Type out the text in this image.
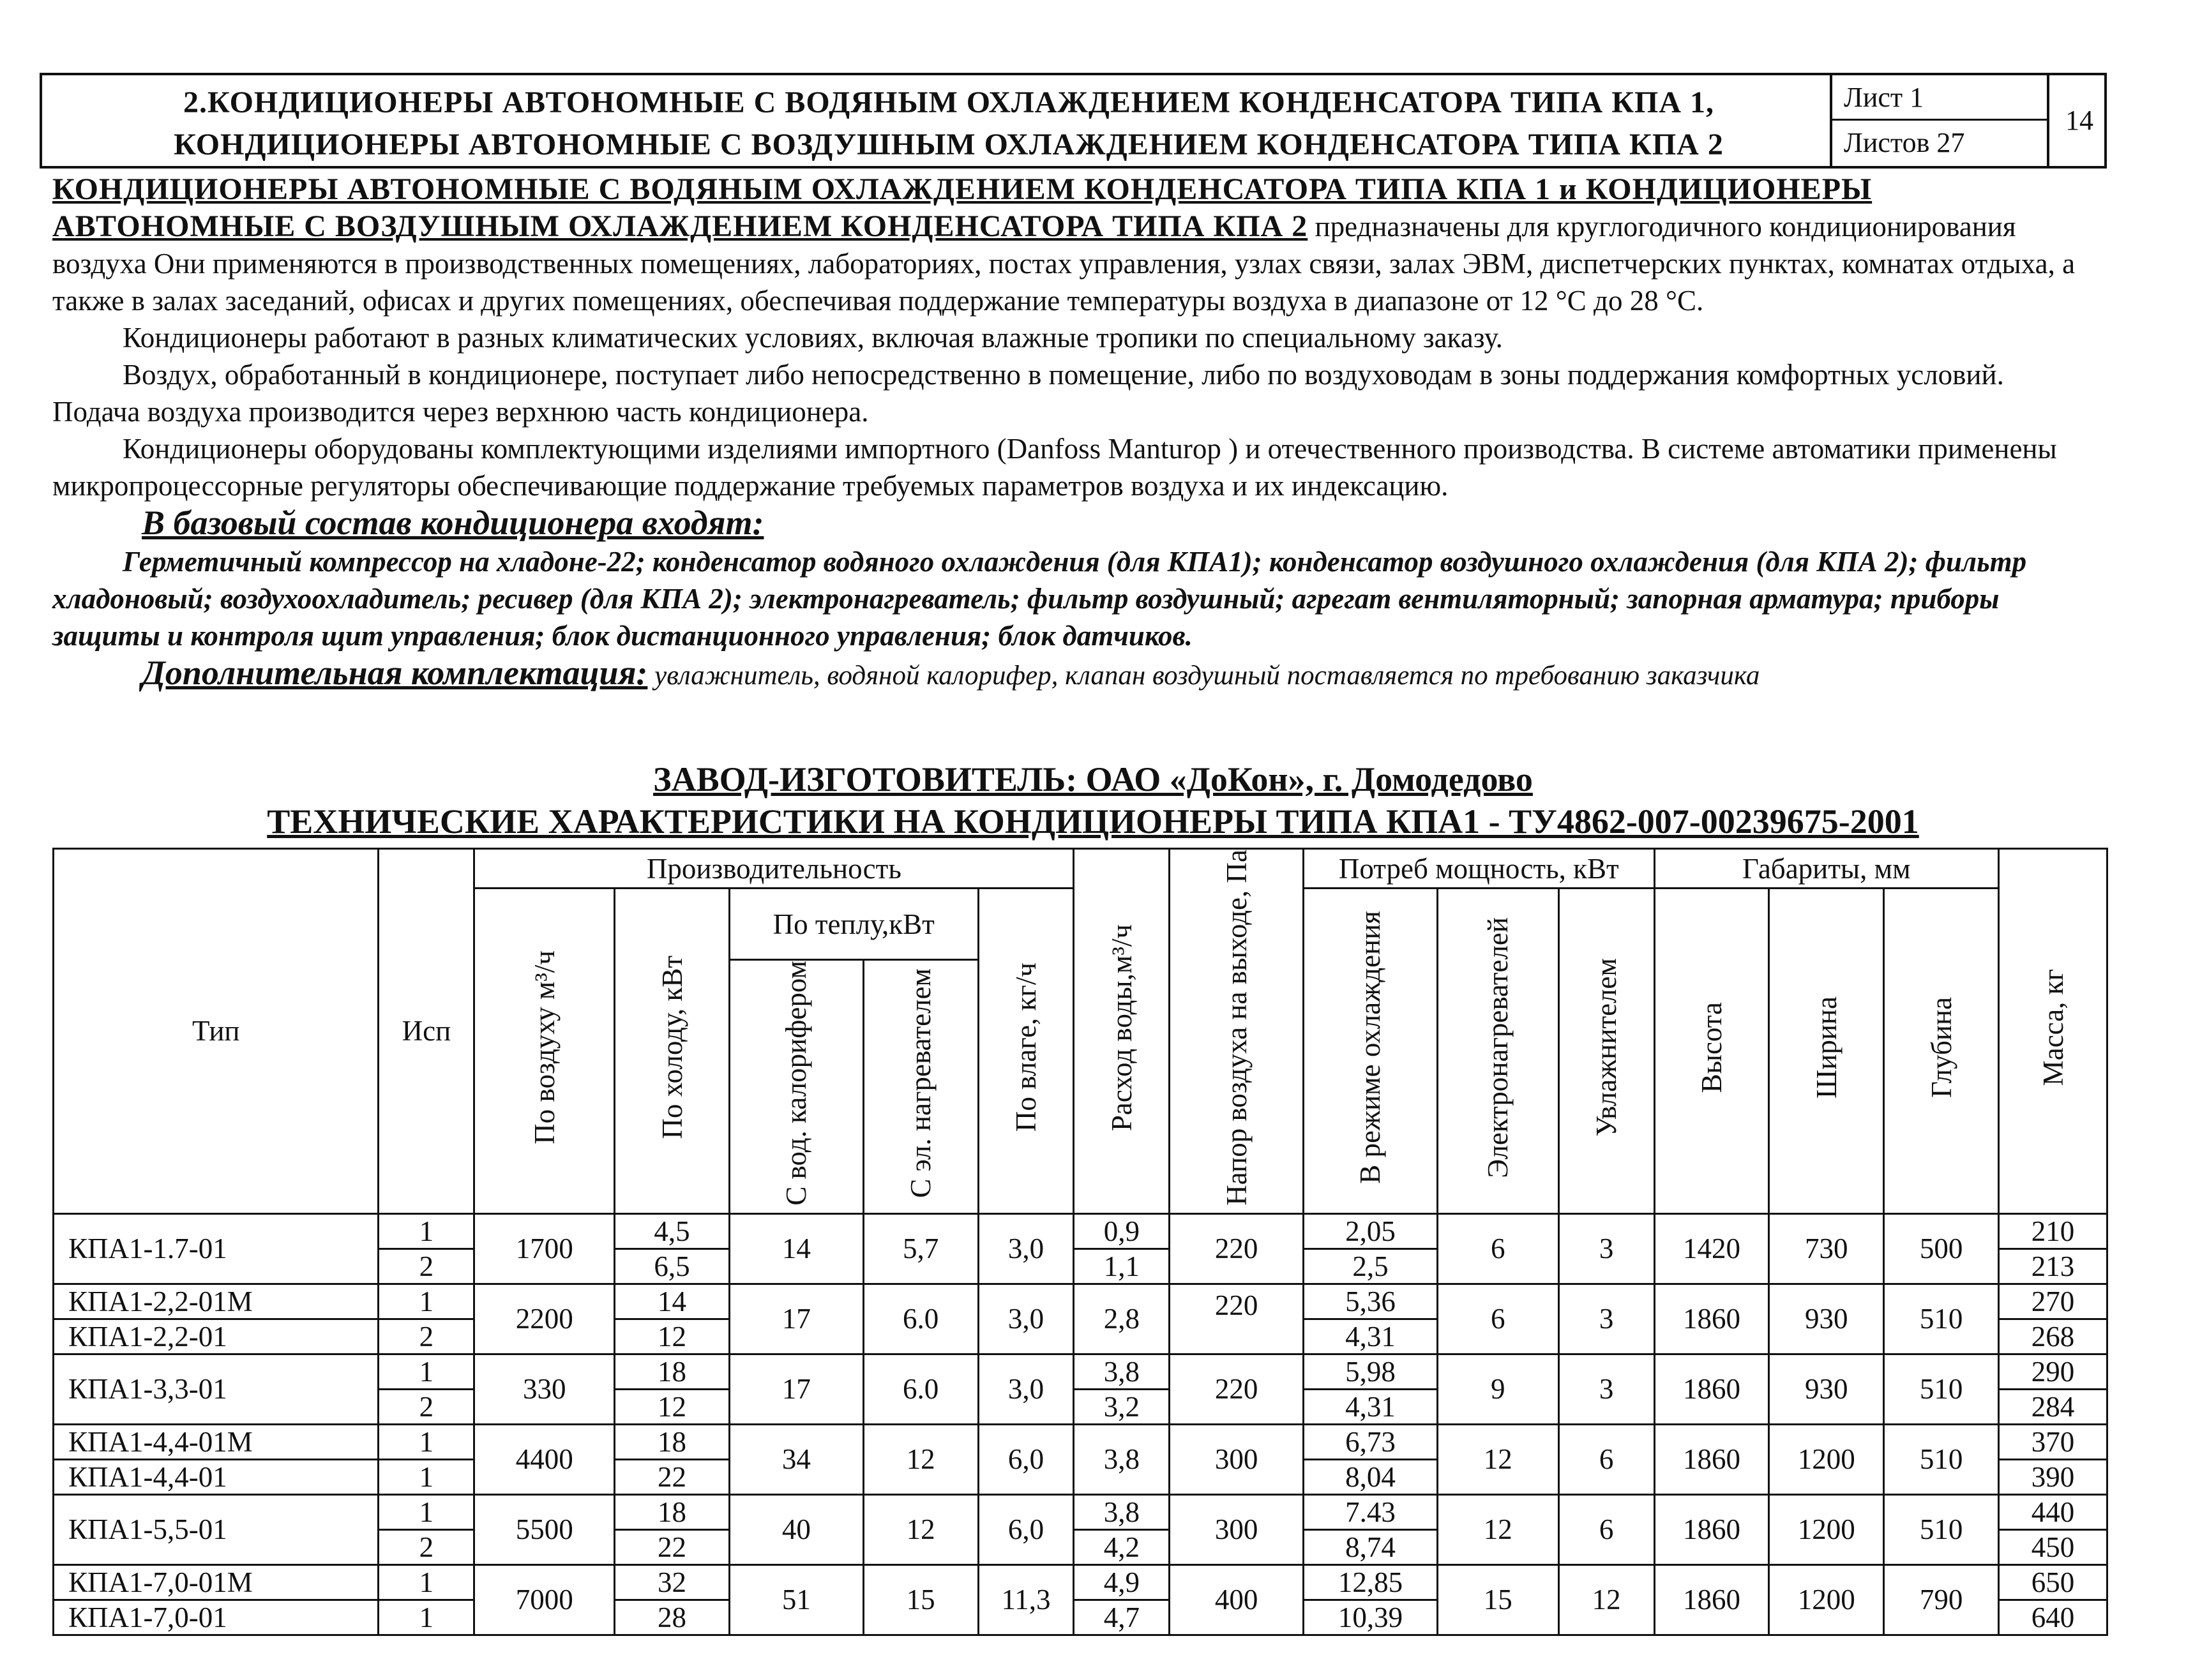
2.КОНДИЦИОНЕРЫ АВТОНОМНЫЕ С ВОДЯНЫМ ОХЛАЖДЕНИЕМ КОНДЕНСАТОРА ТИПА КПА 1,
КОНДИЦИОНЕРЫ АВТОНОМНЫЕ С ВОЗДУШНЫМ ОХЛАЖДЕНИЕМ КОНДЕНСАТОРА ТИПА КПА 2
Лист 1
Листов 27
14

КОНДИЦИОНЕРЫ АВТОНОМНЫЕ С ВОДЯНЫМ ОХЛАЖДЕНИЕМ КОНДЕНСАТОРА ТИПА КПА 1 и КОНДИЦИОНЕРЫ АВТОНОМНЫЕ С ВОЗДУШНЫМ ОХЛАЖДЕНИЕМ КОНДЕНСАТОРА ТИПА КПА 2 предназначены для круглогодичного кондиционирования воздуха Они применяются в производственных помещениях, лабораториях, постах управления, узлах связи, залах ЭВМ, диспетчерских пунктах, комнатах отдыха, а также в залах заседаний, офисах и других помещениях, обеспечивая поддержание температуры воздуха в диапазоне от 12 °С до 28 °С.

Кондиционеры работают в разных климатических условиях, включая влажные тропики по специальному заказу.

Воздух, обработанный в кондиционере, поступает либо непосредственно в помещение, либо по воздуховодам в зоны поддержания комфортных условий. Подача воздуха производится через верхнюю часть кондиционера.

Кондиционеры оборудованы комплектующими изделиями импортного (Danfoss Manturop ) и отечественного производства. В системе автоматики применены микропроцессорные регуляторы обеспечивающие поддержание требуемых параметров воздуха и их индексацию.

В базовый состав кондиционера входят:

Герметичный компрессор на хладоне-22; конденсатор водяного охлаждения (для КПА1); конденсатор воздушного охлаждения (для КПА 2); фильтр хладоновый; воздухоохладитель; ресивер (для КПА 2); электронагреватель; фильтр воздушный; агрегат вентиляторный; запорная арматура; приборы защиты и контроля щит управления; блок дистанционного управления; блок датчиков.

Дополнительная комплектация: увлажнитель, водяной калорифер, клапан воздушный поставляется по требованию заказчика

ЗАВОД-ИЗГОТОВИТЕЛЬ: ОАО «ДоКон», г. Домодедово
ТЕХНИЧЕСКИЕ ХАРАКТЕРИСТИКИ НА КОНДИЦИОНЕРЫ ТИПА КПА1 - ТУ4862-007-00239675-2001
Тип	Исп	Производительность					Расход воды,м³/ч	Напор воздуха на выходе, Па	Потреб мощность, кВт			Габариты, мм			Масса, кг
		По воздуху м³/ч	По холоду, кВт	По теплу,кВт		По влаге, кг/ч			В режиме охлаждения	Электронагревателей	Увлажнителем	Высота	Ширина	Глубина	
				С вод. калорифером	С эл. нагревателем										
КПА1-1.7-01	1	1700	4,5	14	5,7	3,0	0,9	220	2,05	6	3	1420	730	500	210
	2		6,5				1,1		2,5						213
КПА1-2,2-01М	1	2200	14	17	6.0	3,0	2,8	220	5,36	6	3	1860	930	510	270
КПА1-2,2-01	2		12						4,31						268
КПА1-3,3-01	1	330	18	17	6.0	3,0	3,8	220	5,98	9	3	1860	930	510	290
	2		12				3,2		4,31						284
КПА1-4,4-01М	1	4400	18	34	12	6,0	3,8	300	6,73	12	6	1860	1200	510	370
КПА1-4,4-01	1		22						8,04						390
КПА1-5,5-01	1	5500	18	40	12	6,0	3,8	300	7.43	12	6	1860	1200	510	440
	2		22				4,2		8,74						450
КПА1-7,0-01М	1	7000	32	51	15	11,3	4,9	400	12,85	15	12	1860	1200	790	650
КПА1-7,0-01	1		28				4,7		10,39						640
